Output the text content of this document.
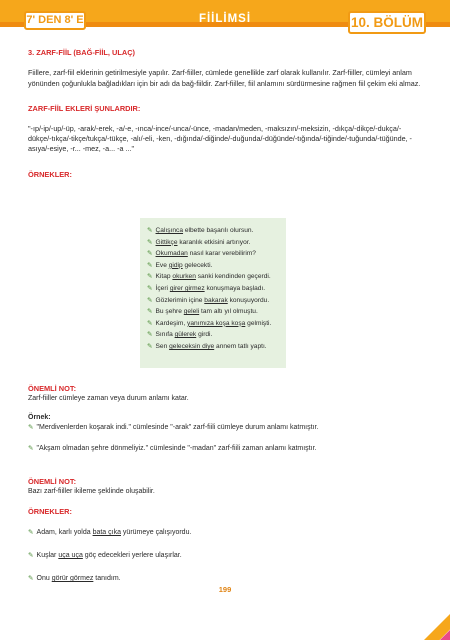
7' DEN 8' E	FİİLİMSİ	10. BÖLÜM
3. ZARF-FİİL (BAĞ-FİİL, ULAÇ)
Fiillere, zarf-fiil eklerinin getirilmesiyle yapılır. Zarf-fiiller, cümlede genellikle zarf olarak kullanılır. Zarf-fiiller, cümleyi anlam yönünden çoğunlukla bağladıkları için bir adı da bağ-fiildir. Zarf-fiiller, fiil anlamını sürdürmesine rağmen fiil çekim eki almaz.
ZARF-FİİL EKLERİ ŞUNLARDIR:
"-ıp/-ip/-up/-üp, -arak/-erek, -a/-e, -ınca/-ince/-unca/-ünce, -madan/meden, -maksızın/-meksizin, -dıkça/-dikçe/-dukça/-dükçe/-tıkça/-tikçe/tukça/-tükçe, -alı/-eli, -ken, -dığında/-diğinde/-duğunda/-düğünde/-tığında/-tiğinde/-tuğunda/-tüğünde, -asıya/-esiye, -r... -mez, -a... -a ..."
ÖRNEKLER:
✎ Çalışınca elbette başarılı olursun.
✎ Gittikçe karanlık etkisini artırıyor.
✎ Okumadan nasıl karar verebilirim?
✎ Eve gidip gelecekti.
✎ Kitap okurken sanki kendinden geçerdi.
✎ İçeri girer girmez konuşmaya başladı.
✎ Gözlerimin içine bakarak konuşuyordu.
✎ Bu şehre geleli tam altı yıl olmuştu.
✎ Kardeşim, yanımıza koşa koşa gelmişti.
✎ Sınıfa gülerek girdi.
✎ Sen geleceksin diye annem tatlı yaptı.
ÖNEMLİ NOT:
Zarf-fiiller cümleye zaman veya durum anlamı katar.
Örnek:
✎ "Merdivenlerden koşarak indi." cümlesinde "-arak" zarf-fiili cümleye durum anlamı katmıştır.
✎ "Akşam olmadan şehre dönmeliyiz." cümlesinde "-madan" zarf-fiili zaman anlamı katmıştır.
ÖNEMLİ NOT:
Bazı zarf-fiiller ikileme şeklinde oluşabilir.
ÖRNEKLER:
✎ Adam, karlı yolda bata çıka yürümeye çalışıyordu.
✎ Kuşlar uça uça göç edecekleri yerlere ulaşırlar.
✎ Onu görür görmez tanıdım.
199
